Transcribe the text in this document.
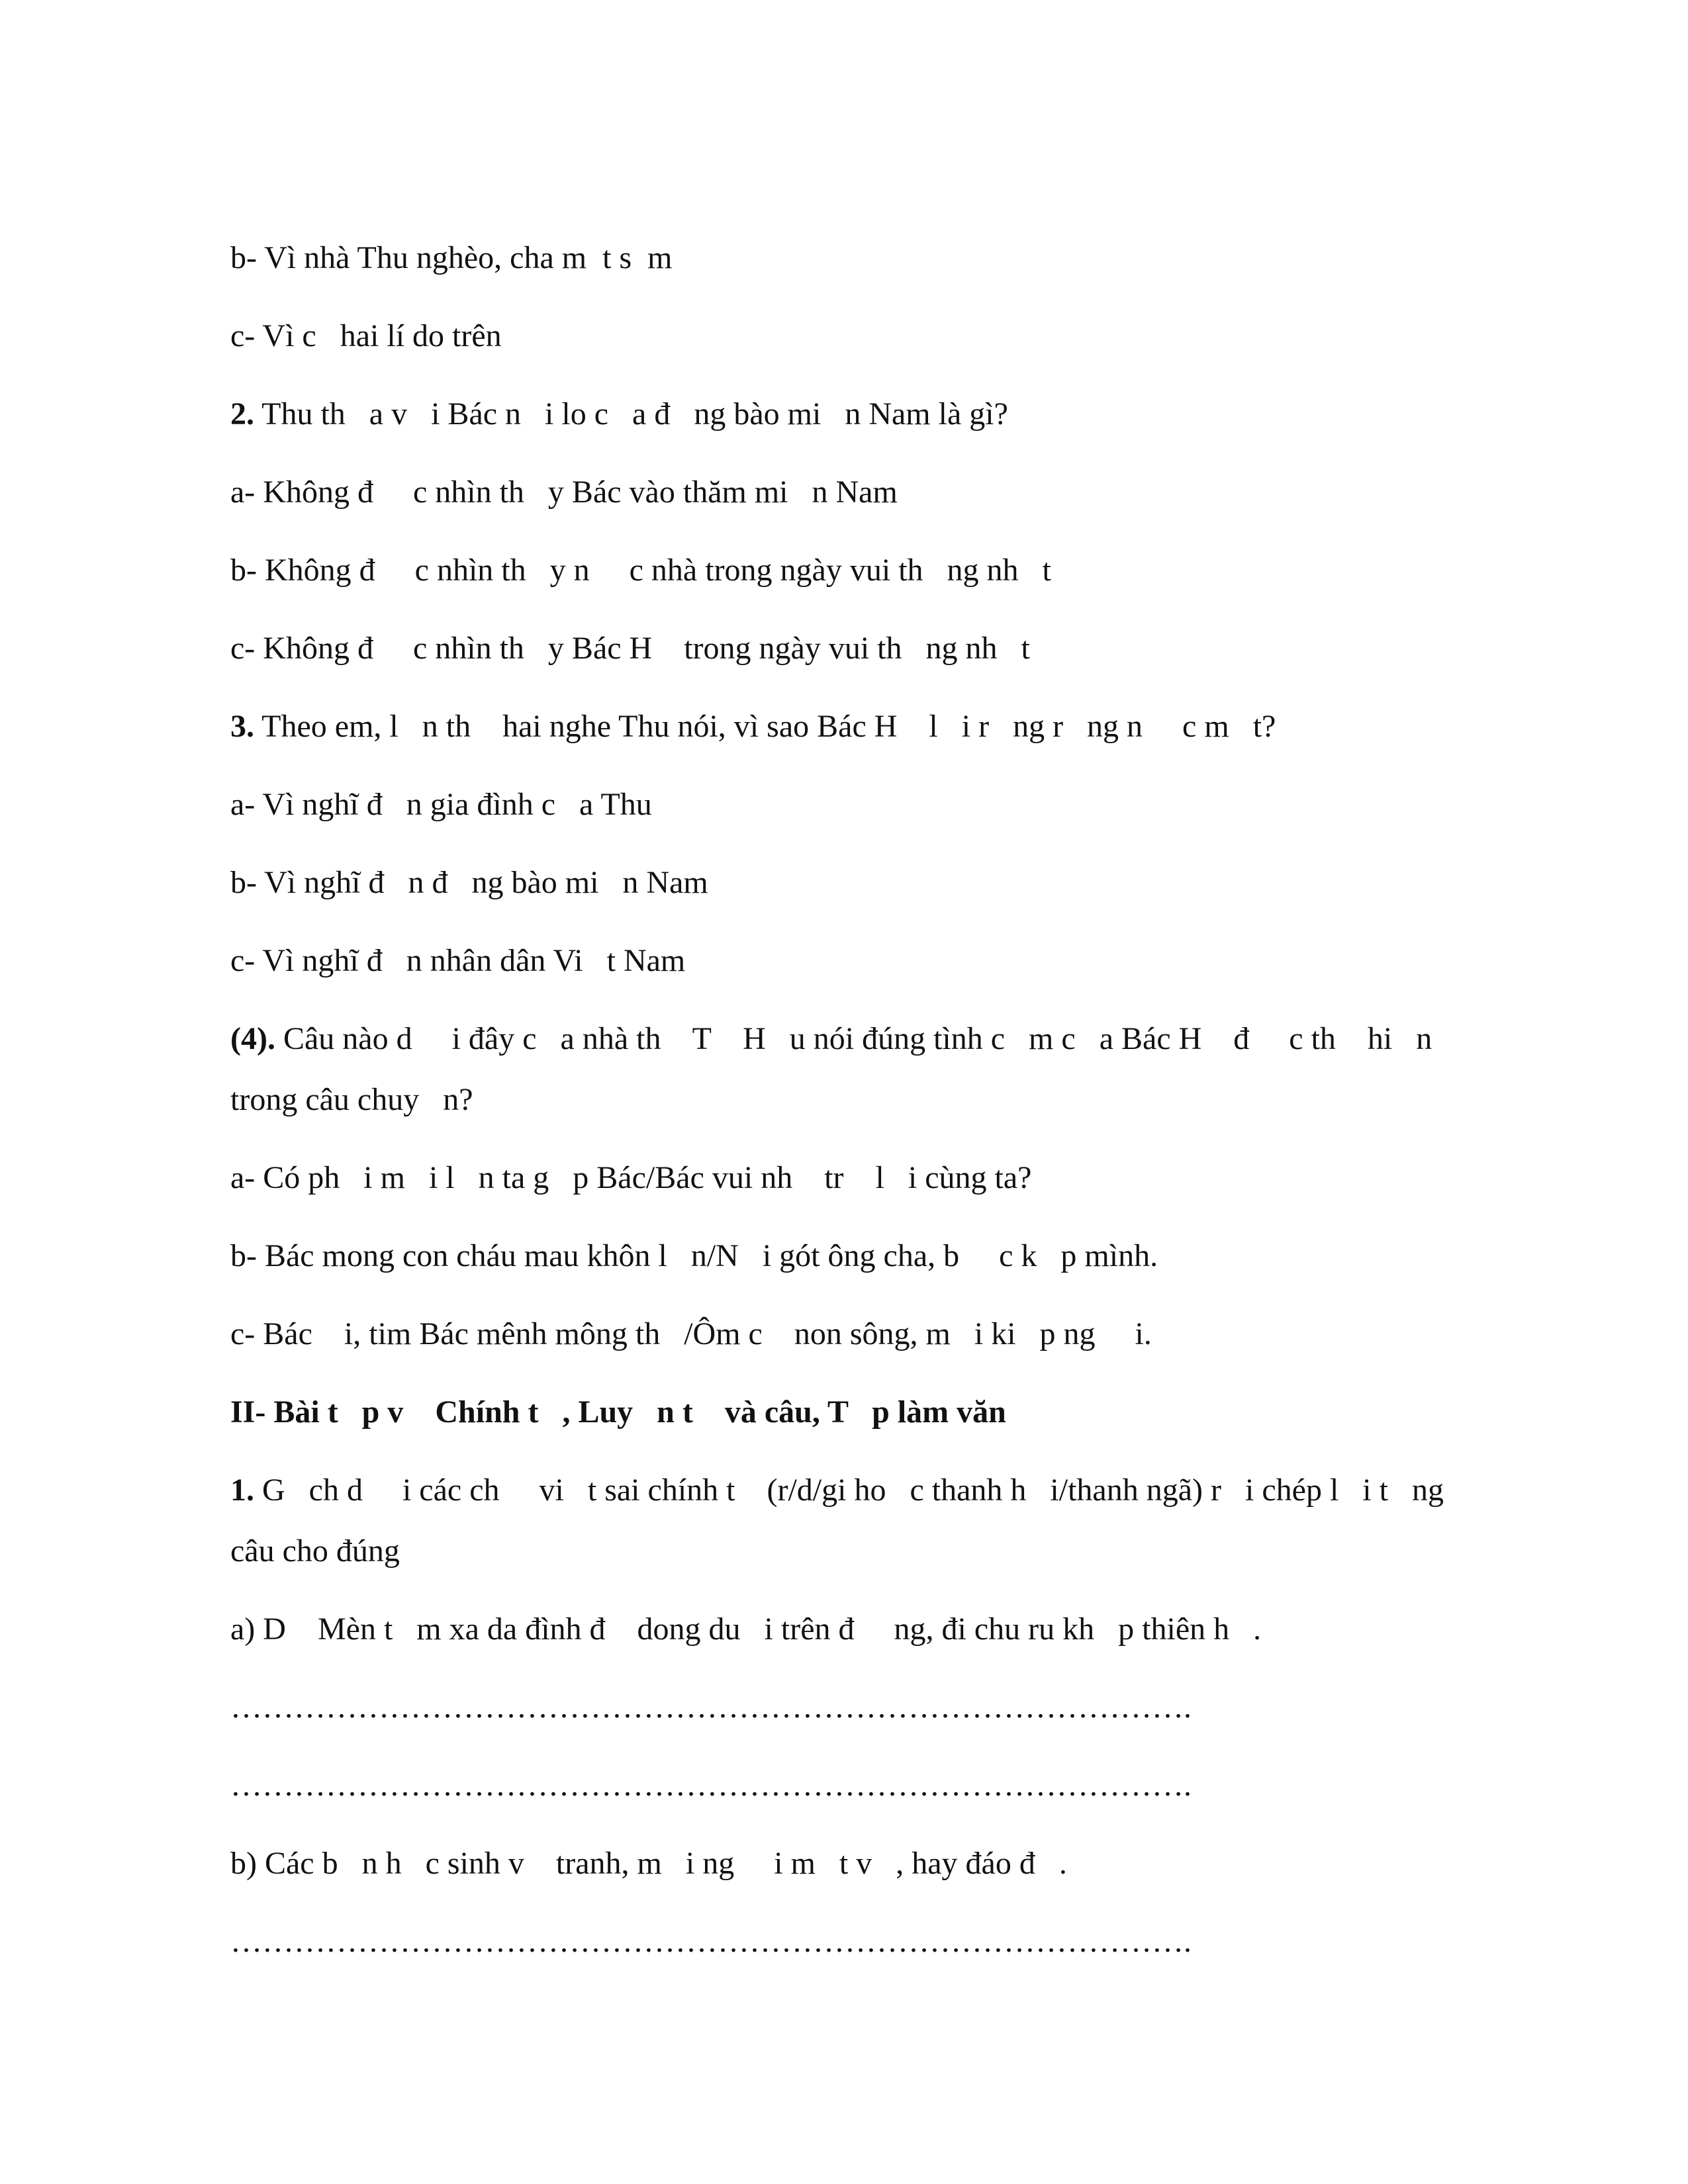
b- Vì nhà Thu nghèo, cha m  t s  m

c- Vì c   hai lí do trên

2. Thu th   a v   i Bác n   i lo c   a đ   ng bào mi   n Nam là gì?

a- Không đ     c nhìn th   y Bác vào thăm mi   n Nam

b- Không đ     c nhìn th   y n     c nhà trong ngày vui th   ng nh   t

c- Không đ     c nhìn th   y Bác H    trong ngày vui th   ng nh   t

3. Theo em, l   n th    hai nghe Thu nói, vì sao Bác H    l   i r   ng r   ng n     c m   t?

a- Vì nghĩ đ   n gia đình c   a Thu

b- Vì nghĩ đ   n đ   ng bào mi   n Nam

c- Vì nghĩ đ   n nhân dân Vi   t Nam

(4). Câu nào d     i đây c   a nhà th    T    H   u nói đúng tình c   m c   a Bác H    đ     c th    hi   n

trong câu chuy   n?

a- Có ph   i m   i l   n ta g   p Bác/Bác vui nh    tr    l   i cùng ta?

b- Bác mong con cháu mau khôn l   n/N   i gót ông cha, b     c k   p mình.

c- Bác    i, tim Bác mênh mông th   /Ôm c    non sông, m   i ki   p ng     i.

II- Bài t   p v    Chính t   , Luy   n t    và câu, T   p làm văn

1. G   ch d     i các ch     vi   t sai chính t    (r/d/gi ho   c thanh h   i/thanh ngã) r   i chép l   i t   ng

câu cho đúng

a) D    Mèn t   m xa da đình đ    dong du   i trên đ     ng, đi chu ru kh   p thiên h   .

……………………………………………………………………………….

……………………………………………………………………………….

b) Các b   n h   c sinh v    tranh, m   i ng     i m   t v   , hay đáo đ   .

……………………………………………………………………………….
